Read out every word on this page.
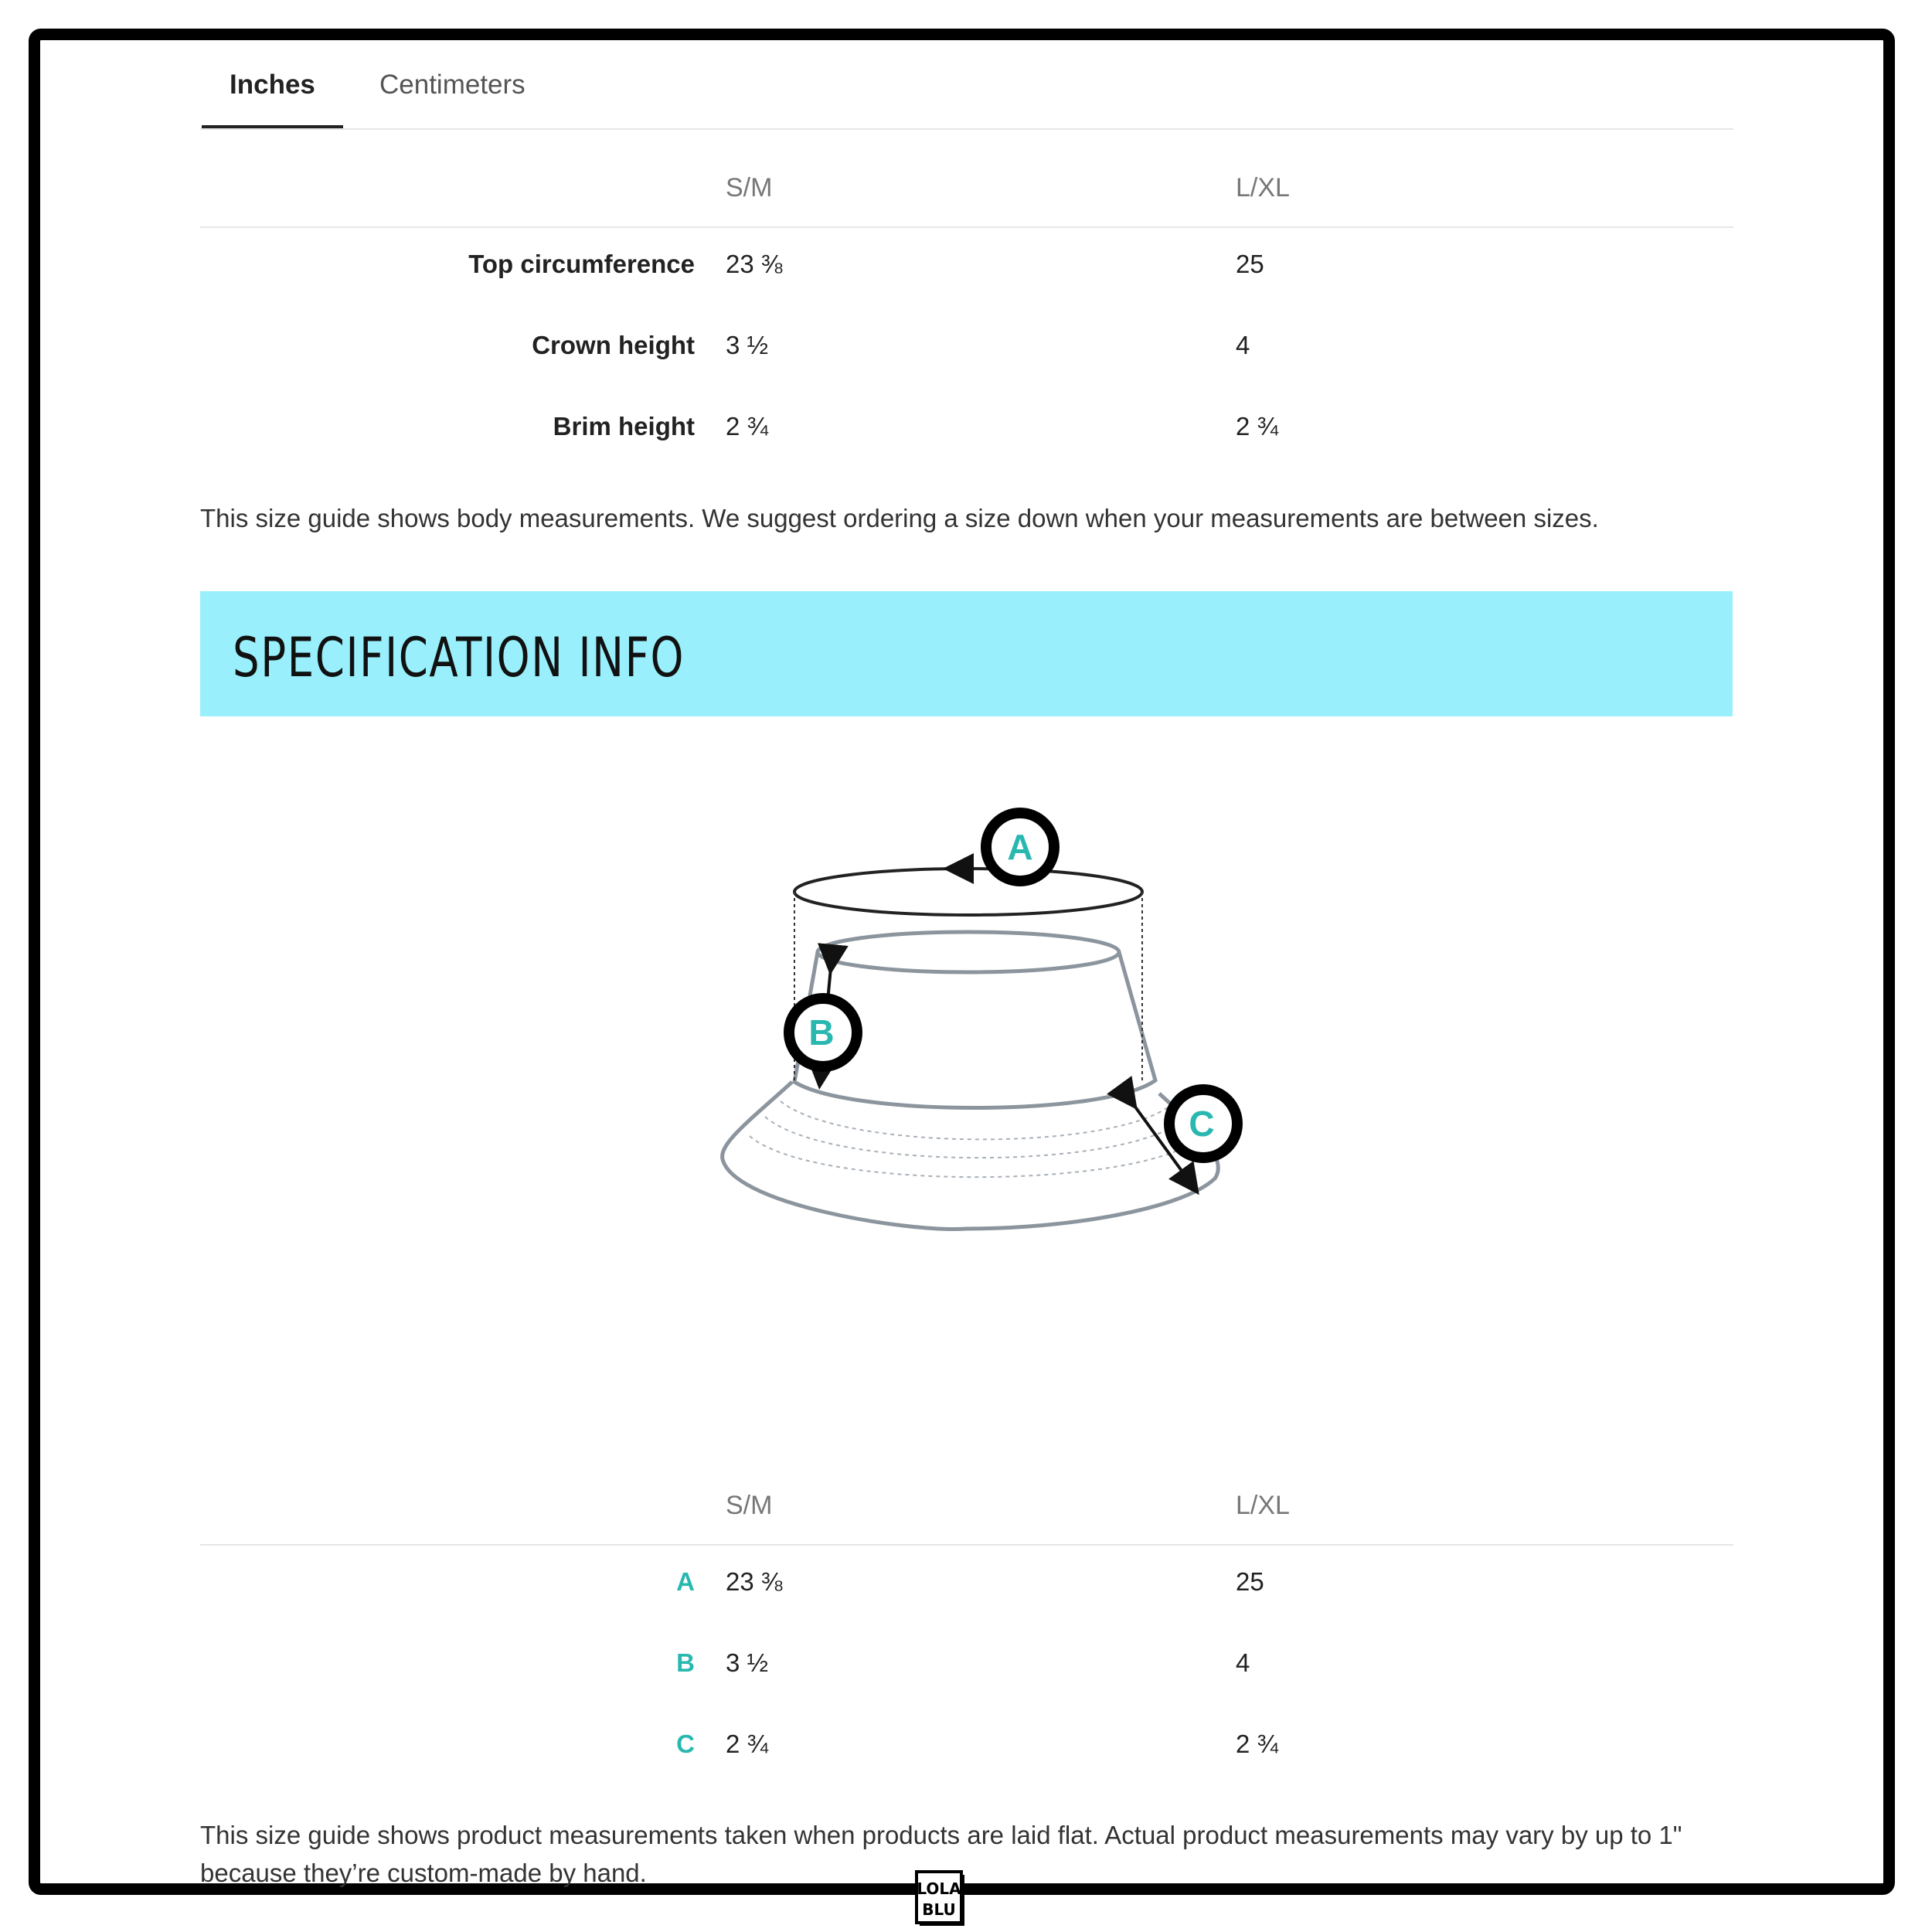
Inches Centimeters
S/M	L/XL
Top circumference 23 ⅜	25
Crown height 3 ½	4
Brim height 2 ¾	2 ¾
This size guide shows body measurements. We suggest ordering a size down when your measurements are between sizes.
SPECIFICATION INFO
A
B
C
S/M	L/XL
A 23 ⅜	25
B 3 ½	4
C 2 ¾	2 ¾
This size guide shows product measurements taken when products are laid flat. Actual product measurements may vary by up to 1" because they’re custom-made by hand.
LOLA
BLU
